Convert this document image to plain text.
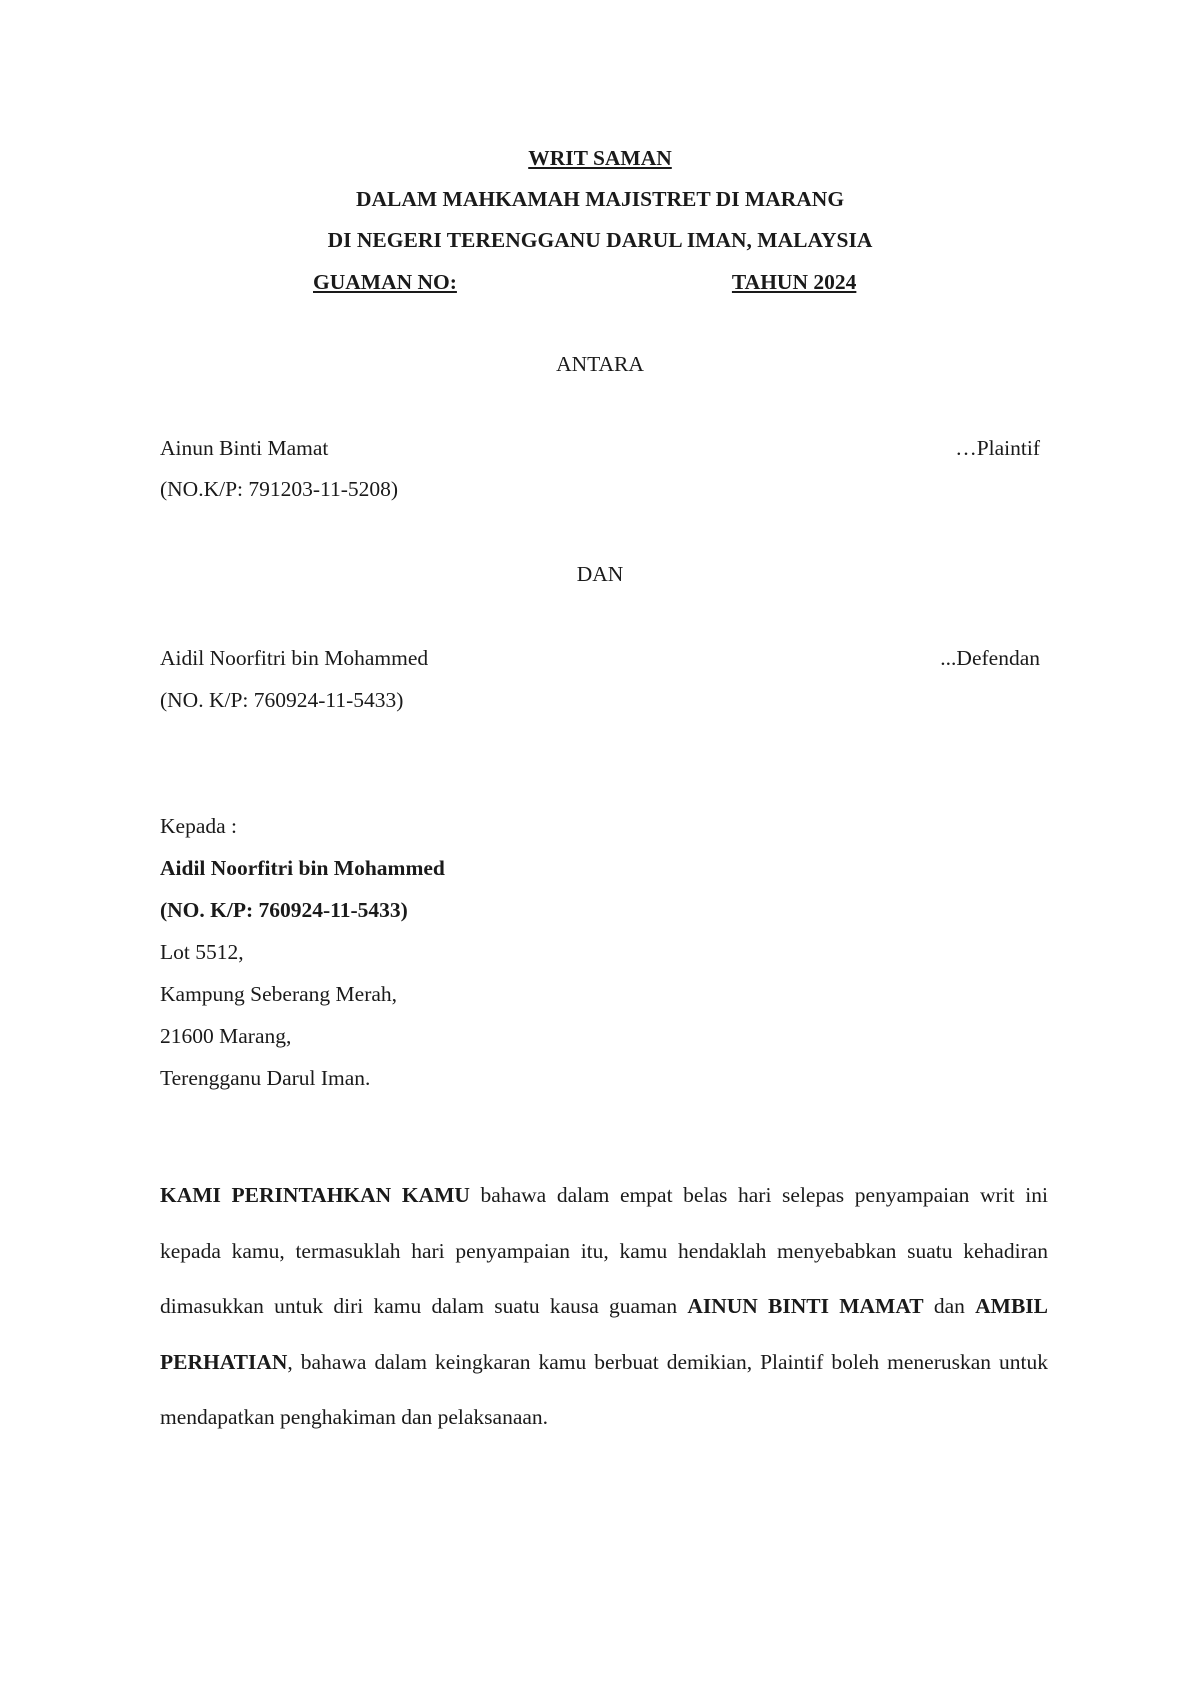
WRIT SAMAN
DALAM MAHKAMAH MAJISTRET DI MARANG
DI NEGERI TERENGGANU DARUL IMAN, MALAYSIA
GUAMAN NO:	TAHUN 2024
ANTARA
Ainun Binti Mamat	…Plaintif
(NO.K/P: 791203-11-5208)
DAN
Aidil Noorfitri bin Mohammed	...Defendan
(NO. K/P: 760924-11-5433)
Kepada :
Aidil Noorfitri bin Mohammed
(NO. K/P: 760924-11-5433)
Lot 5512,
Kampung Seberang Merah,
21600 Marang,
Terengganu Darul Iman.
KAMI PERINTAHKAN KAMU bahawa dalam empat belas hari selepas penyampaian writ ini kepada kamu, termasuklah hari penyampaian itu, kamu hendaklah menyebabkan suatu kehadiran dimasukkan untuk diri kamu dalam suatu kausa guaman AINUN BINTI MAMAT dan AMBIL PERHATIAN, bahawa dalam keingkaran kamu berbuat demikian, Plaintif boleh meneruskan untuk mendapatkan penghakiman dan pelaksanaan.
